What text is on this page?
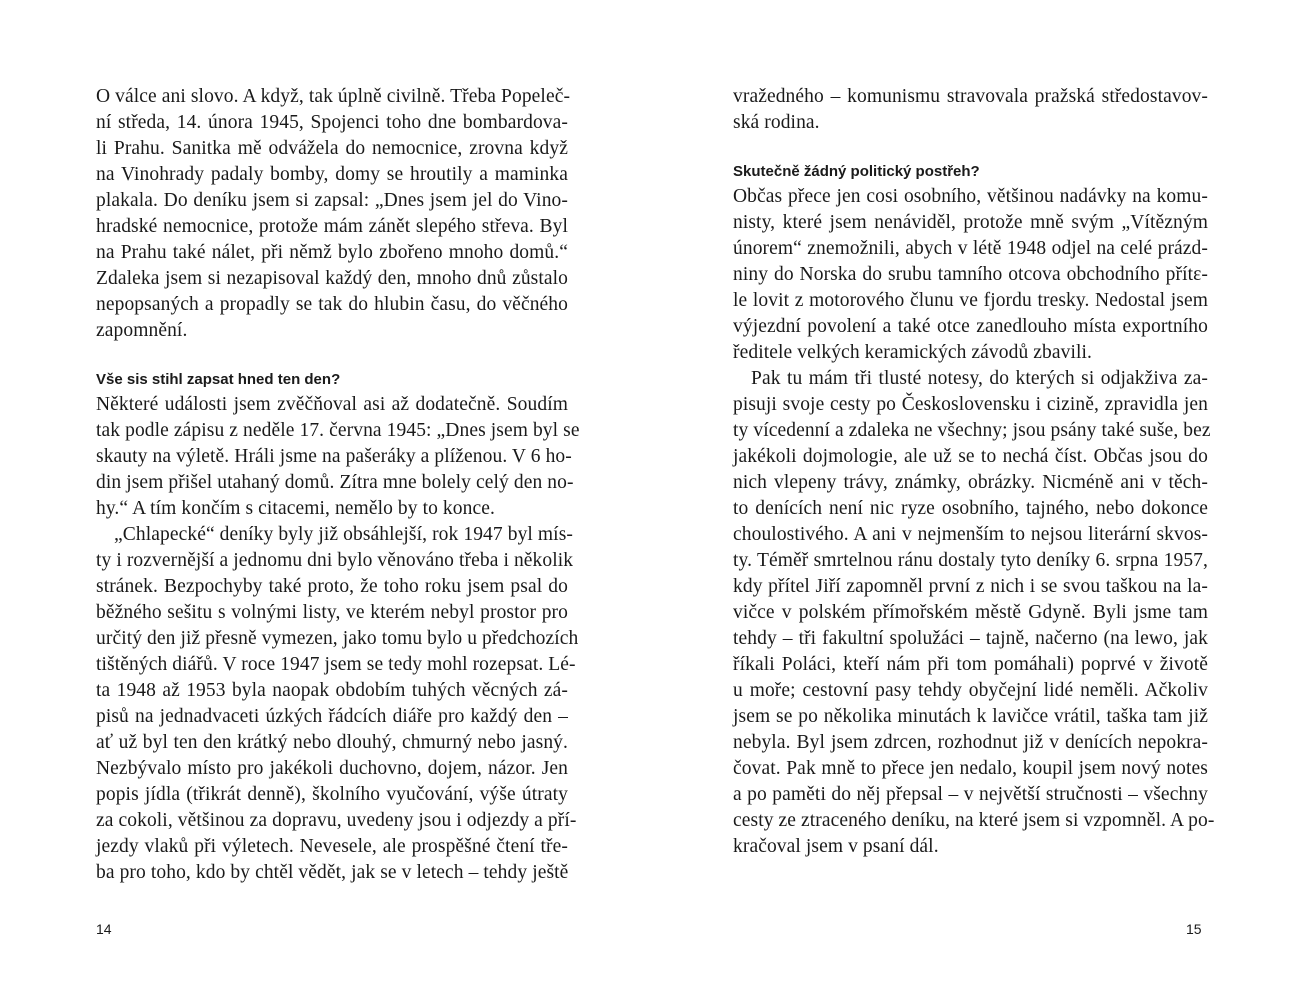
O válce ani slovo. A když, tak úplně civilně. Třeba Popeleč-
ní středa, 14. února 1945, Spojenci toho dne bombardova-
li Prahu. Sanitka mě odvážela do nemocnice, zrovna když
na Vinohrady padaly bomby, domy se hroutily a maminka
plakala. Do deníku jsem si zapsal: „Dnes jsem jel do Vino-
hradské nemocnice, protože mám zánět slepého střeva. Byl
na Prahu také nálet, při němž bylo zbořeno mnoho domů.“
Zdaleka jsem si nezapisoval každý den, mnoho dnů zůstalo
nepopsaných a propadly se tak do hlubin času, do věčného
zapomnění.
Vše sis stihl zapsat hned ten den?
Některé události jsem zvěčňoval asi až dodatečně. Soudím
tak podle zápisu z neděle 17. června 1945: „Dnes jsem byl se
skauty na výletě. Hráli jsme na pašeráky a plíženou. V 6 ho-
din jsem přišel utahaný domů. Zítra mne bolely celý den no-
hy.“ A tím končím s citacemi, nemělo by to konce.
„Chlapecké“ deníky byly již obsáhlejší, rok 1947 byl mís-
ty i rozvernější a jednomu dni bylo věnováno třeba i několik
stránek. Bezpochyby také proto, že toho roku jsem psal do
běžného sešitu s volnými listy, ve kterém nebyl prostor pro
určitý den již přesně vymezen, jako tomu bylo u předchozích
tištěných diářů. V roce 1947 jsem se tedy mohl rozepsat. Lé-
ta 1948 až 1953 byla naopak obdobím tuhých věcných zá-
pisů na jednadvaceti úzkých řádcích diáře pro každý den –
ať už byl ten den krátký nebo dlouhý, chmurný nebo jasný.
Nezbývalo místo pro jakékoli duchovno, dojem, názor. Jen
popis jídla (třikrát denně), školního vyučování, výše útraty
za cokoli, většinou za dopravu, uvedeny jsou i odjezdy a pří-
jezdy vlaků při výletech. Nevesele, ale prospěšné čtení tře-
ba pro toho, kdo by chtěl vědět, jak se v letech – tehdy ještě
14
vražedného – komunismu stravovala pražská středostavov-
ská rodina.
Skutečně žádný politický postřeh?
Občas přece jen cosi osobního, většinou nadávky na komu-
nisty, které jsem nenáviděl, protože mně svým „Vítězným
únorem“ znemožnili, abych v létě 1948 odjel na celé prázd-
niny do Norska do srubu tamního otcova obchodního přítε-
le lovit z motorového člunu ve fjordu tresky. Nedostal jsem
výjezdní povolení a také otce zanedlouho místa exportního
ředitele velkých keramických závodů zbavili.
Pak tu mám tři tlusté notesy, do kterých si odjakživa za-
pisuji svoje cesty po Československu i cizině, zpravidla jen
ty vícedenní a zdaleka ne všechny; jsou psány také suše, bez
jakékoli dojmologie, ale už se to nechá číst. Občas jsou do
nich vlepeny trávy, známky, obrázky. Nicméně ani v těch-
to denících není nic ryze osobního, tajného, nebo dokonce
choulostivého. A ani v nejmenším to nejsou literární skvos-
ty. Téměř smrtelnou ránu dostaly tyto deníky 6. srpna 1957,
kdy přítel Jiří zapomněl první z nich i se svou taškou na la-
vičce v polském přímořském městě Gdyně. Byli jsme tam
tehdy – tři fakultní spolužáci – tajně, načerno (na lewo, jak
říkali Poláci, kteří nám při tom pomáhali) poprvé v životě
u moře; cestovní pasy tehdy obyčejní lidé neměli. Ačkoliv
jsem se po několika minutách k lavičce vrátil, taška tam již
nebyla. Byl jsem zdrcen, rozhodnut již v denících nepokra-
čovat. Pak mně to přece jen nedalo, koupil jsem nový notes
a po paměti do něj přepsal – v největší stručnosti – všechny
cesty ze ztraceného deníku, na které jsem si vzpomněl. A po-
kračoval jsem v psaní dál.
15
